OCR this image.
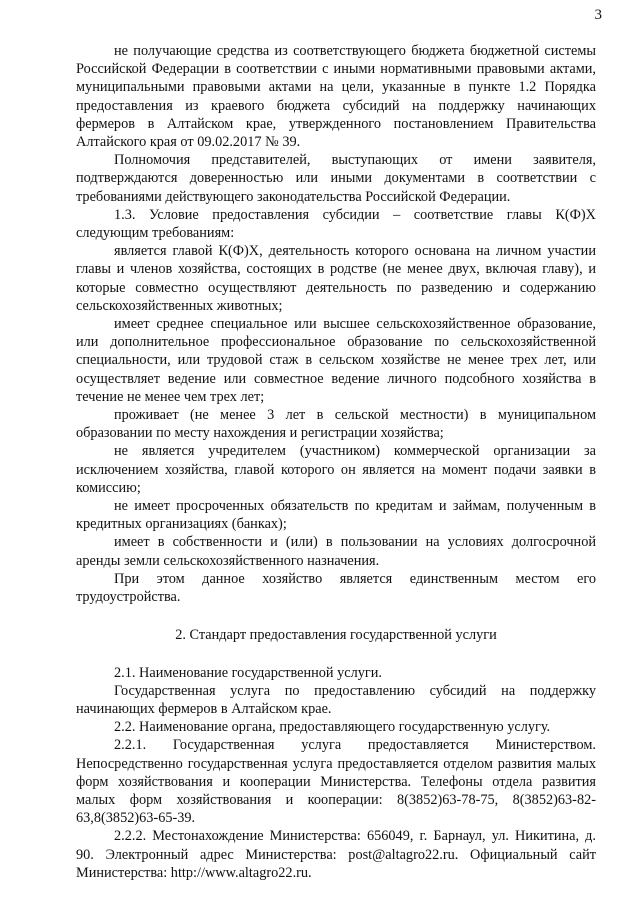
3

не получающие средства из соответствующего бюджета бюджетной системы Российской Федерации в соответствии с иными нормативными правовыми актами, муниципальными правовыми актами на цели, указанные в пункте 1.2 Порядка предоставления из краевого бюджета субсидий на поддержку начинающих фермеров в Алтайском крае, утвержденного постановлением Правительства Алтайского края от 09.02.2017 № 39.

Полномочия представителей, выступающих от имени заявителя, подтверждаются доверенностью или иными документами в соответствии с требованиями действующего законодательства Российской Федерации.

1.3. Условие предоставления субсидии – соответствие главы К(Ф)Х следующим требованиям:

является главой К(Ф)Х, деятельность которого основана на личном участии главы и членов хозяйства, состоящих в родстве (не менее двух, включая главу), и которые совместно осуществляют деятельность по разведению и содержанию сельскохозяйственных животных;

имеет среднее специальное или высшее сельскохозяйственное образование, или дополнительное профессиональное образование по сельскохозяйственной специальности, или трудовой стаж в сельском хозяйстве не менее трех лет, или осуществляет ведение или совместное ведение личного подсобного хозяйства в течение не менее чем трех лет;

проживает (не менее 3 лет в сельской местности) в муниципальном образовании по месту нахождения и регистрации хозяйства;

не является учредителем (участником) коммерческой организации за исключением хозяйства, главой которого он является на момент подачи заявки в комиссию;

не имеет просроченных обязательств по кредитам и займам, полученным в кредитных организациях (банках);

имеет в собственности и (или) в пользовании на условиях долгосрочной аренды земли сельскохозяйственного назначения.

При этом данное хозяйство является единственным местом его трудоустройства.

2. Стандарт предоставления государственной услуги

2.1. Наименование государственной услуги.

Государственная услуга по предоставлению субсидий на поддержку начинающих фермеров в Алтайском крае.

2.2. Наименование органа, предоставляющего государственную услугу.

2.2.1. Государственная услуга предоставляется Министерством. Непосредственно государственная услуга предоставляется отделом развития малых форм хозяйствования и кооперации Министерства. Телефоны отдела развития малых форм хозяйствования и кооперации: 8(3852)63-78-75, 8(3852)63-82-63,8(3852)63-65-39.

2.2.2. Местонахождение Министерства: 656049, г. Барнаул, ул. Никитина, д. 90. Электронный адрес Министерства: post@altagro22.ru. Официальный сайт Министерства: http://www.altagro22.ru.
